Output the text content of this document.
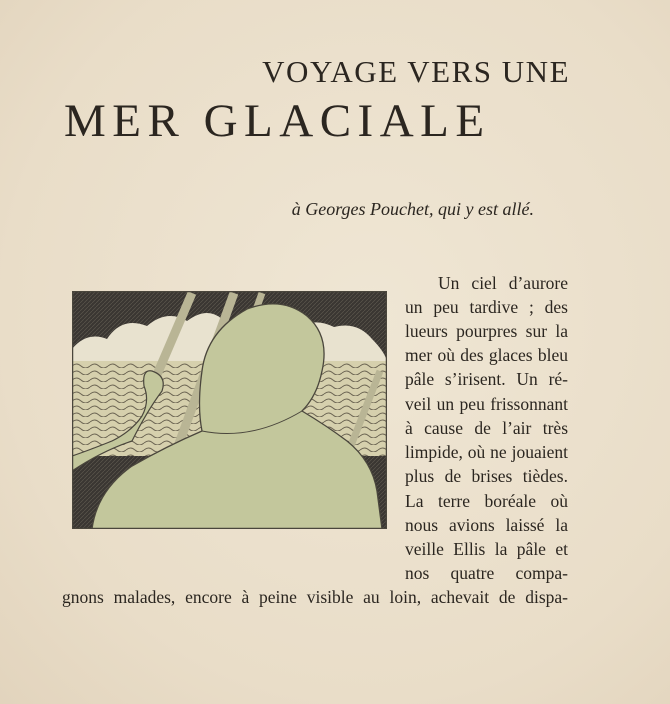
VOYAGE VERS UNE
MER GLACIALE

à Georges Pouchet, qui y est allé.

Un ciel d’aurore
un peu tardive ; des
lueurs pourpres sur la
mer où des glaces bleu
pâle s’irisent. Un ré-
veil un peu frissonnant
à cause de l’air très
limpide, où ne jouaient
plus de brises tièdes.
La terre boréale où
nous avions laissé la
veille Ellis la pâle et
nos quatre compa-
gnons malades, encore à peine visible au loin, achevait de dispa-
